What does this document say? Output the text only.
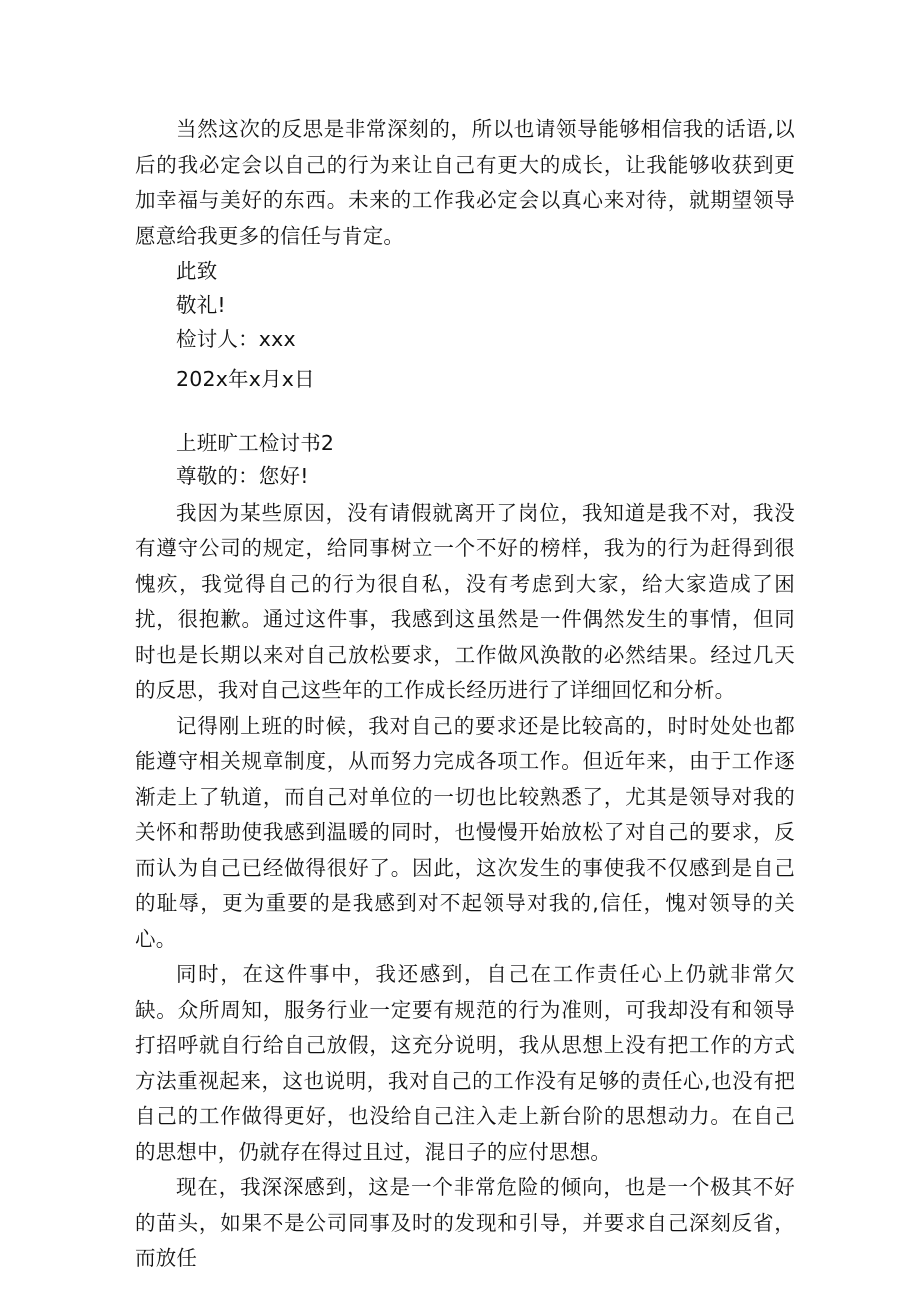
当然这次的反思是非常深刻的，所以也请领导能够相信我的话语,以后的我必定会以自己的行为来让自己有更大的成长，让我能够收获到更加幸福与美好的东西。未来的工作我必定会以真心来对待，就期望领导愿意给我更多的信任与肯定。

此致

敬礼!

检讨人：xxx

202x年x月x日

上班旷工检讨书2

尊敬的：您好!

我因为某些原因，没有请假就离开了岗位，我知道是我不对，我没有遵守公司的规定，给同事树立一个不好的榜样，我为的行为赶得到很愧疚，我觉得自己的行为很自私，没有考虑到大家，给大家造成了困扰，很抱歉。通过这件事，我感到这虽然是一件偶然发生的事情，但同时也是长期以来对自己放松要求，工作做风涣散的必然结果。经过几天的反思，我对自己这些年的工作成长经历进行了详细回忆和分析。

记得刚上班的时候，我对自己的要求还是比较高的，时时处处也都能遵守相关规章制度，从而努力完成各项工作。但近年来，由于工作逐渐走上了轨道，而自己对单位的一切也比较熟悉了，尤其是领导对我的关怀和帮助使我感到温暖的同时，也慢慢开始放松了对自己的要求，反而认为自己已经做得很好了。因此，这次发生的事使我不仅感到是自己的耻辱，更为重要的是我感到对不起领导对我的,信任，愧对领导的关心。

同时，在这件事中，我还感到，自己在工作责任心上仍就非常欠缺。众所周知，服务行业一定要有规范的行为准则，可我却没有和领导打招呼就自行给自己放假，这充分说明，我从思想上没有把工作的方式方法重视起来，这也说明，我对自己的工作没有足够的责任心,也没有把自己的工作做得更好，也没给自己注入走上新台阶的思想动力。在自己的思想中，仍就存在得过且过，混日子的应付思想。

现在，我深深感到，这是一个非常危险的倾向，也是一个极其不好的苗头，如果不是公司同事及时的发现和引导，并要求自己深刻反省，而放任
